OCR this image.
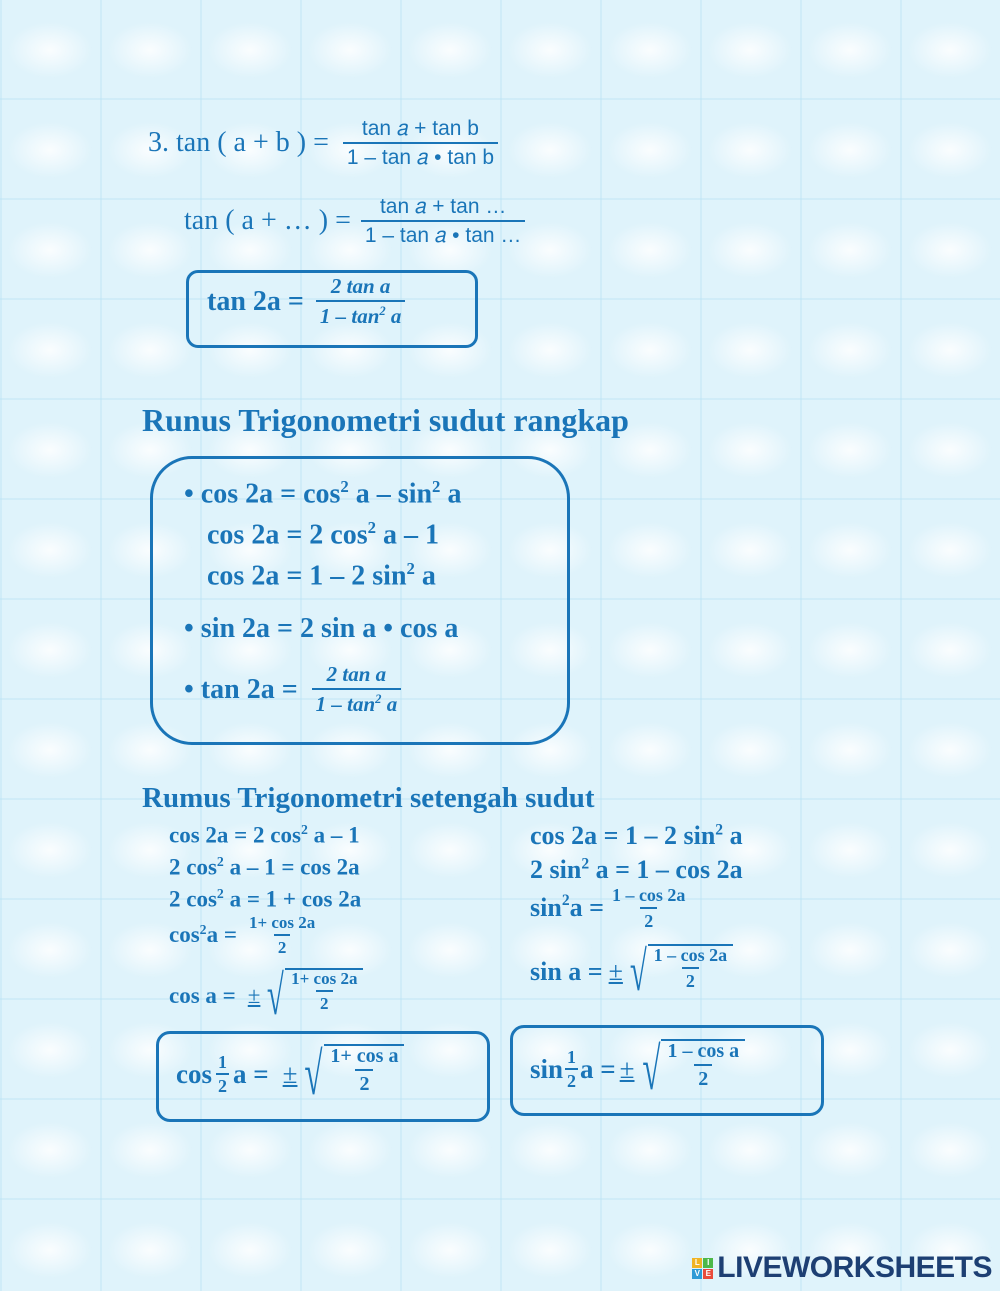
3. tan ( a + b ) = $\frac{\text{tan 𝑎 + tan b}}{\text{1 – tan 𝑎 • tan b}}$
tan ( a + … ) = $\frac{\text{tan 𝑎 + tan …}}{\text{1 – tan 𝑎 • tan …}}$
$\tan 2a = \frac{\text{2 tan a}}{1 - \tan^2 a}$
Runus Trigonometri sudut rangkap
• $\cos 2a = \cos^2 a - \sin^2 a$
cos 2a = 2 $\cos^2 a - 1$
cos 2a = 1 – 2 $\sin^2 a$
• sin 2a = 2 sin a • cos a
• $\tan 2a = \frac{\text{2 tan a}}{1 - \tan^2 a}$
Rumus Trigonometri setengah sudut
cos 2a = 2 $\cos^2 a - 1$
2 $\cos^2 a - 1 = \cos 2a$
2 $\cos^2 a = 1 + \cos 2a$
$\cos^2 a = \frac{1+ \cos 2a}{2}$
cos a = ± √ $\frac{1+ \cos 2a}{2}$
$\cos \frac{1}{2}$ a = ± √ $\frac{\text{1+ cos a}}{2}$
cos 2a = 1 – 2 $\sin^2 a$
2 $\sin^2 a = 1 - \cos 2a$
$\sin^2 a = \frac{1 - \cos 2a}{2}$
sin a = ± √ $\frac{1 - \cos 2a}{2}$
$\sin \frac{1}{2}$ a = ± √ $\frac{\text{1 – cos a}}{2}$
L I
V E LIVEWORKSHEETS
